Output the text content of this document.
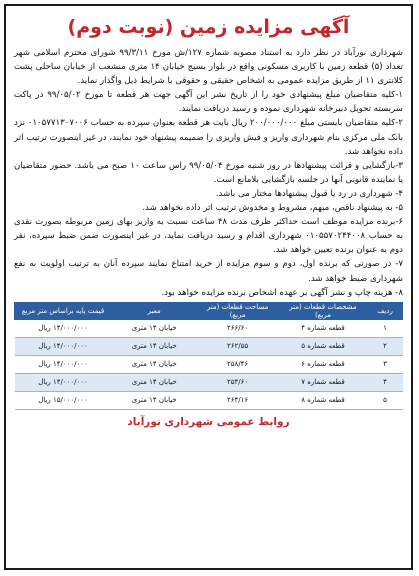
آگهی مزایده زمین (نوبت دوم)

شهرداری نورآباد در نظر دارد به استناد مصوبه شماره ۱۲۷/ش مورخ ۹۹/۳/۱۱ شورای محترم اسلامی شهر تعداد (۵) قطعه زمین با کاربری مسکونی واقع در بلوار بسیج خیابان ۱۴ متری منشعب از خیابان ساحلی پشت کلانتری ۱۱ از طریق مزایده عمومی به اشخاص حقیقی و حقوقی با شرایط ذیل واگذار نماید.

۱-کلیه متقاضیان مبلغ پیشنهادی خود را از تاریخ نشر این آگهی جهت هر قطعه تا مورخ ۹۹/۰۵/۰۲ در پاکت سربسته تحویل دبیرخانه شهرداری نموده و رسید دریافت نمایند.

۲-کلیه متقاضیان بایستی مبلغ ۲۰۰/۰۰۰/۰۰۰ ریال بابت هر قطعه بعنوان سپرده به حساب ۰۱۰۵۷۷۱۳۰۷۰۰۶ نزد بانک ملی مرکزی بنام شهرداری واریز و فیش واریزی را ضمیمه پیشنهاد خود نمایند، در غیر اینصورت ترتیب اثر داده نخواهد شد.

۳-بازگشایی و قرائت پیشنهادها در روز شنبه مورخ ۹۹/۰۵/۰۴ راس ساعت ۱۰ صبح می باشد. حضور متقاضیان یا نماینده قانونی آنها در جلسه بازگشایی بلامانع است.

۴- شهرداری در رد یا قبول پیشنهادها مختار می باشد.

۵- به پیشنهاد ناقص، مبهم، مشروط و مخدوش ترتیب اثر داده نخواهد شد.

۶-برنده مزایده موظف است حداکثر ظرف مدت ۴۸ ساعت نسبت به واریز بهای زمین مربوطه بصورت نقدی به حساب ۰۱۰۵۵۷۰۲۴۴۰۰۸ شهرداری اقدام و رسید دریافت نماید، در غیر اینصورت ضمن ضبط سپرده، نفر دوم به عنوان برنده تعیین خواهد شد.

۷- در صورتی که برنده اول، دوم و سوم مزایده از خرید امتناع نمایند سپرده آنان به ترتیب اولویت به نفع شهرداری ضبط خواهد شد.

۸- هزینه چاپ و نشر آگهی بر عهده اشخاص برنده مزایده خواهد بود.

ردیف	مشخصات قطعات (متر مربع)	مساحت قطعات (متر مربع)	معبر	قیمت پایه براساس متر مربع
۱	قطعه شماره ۴	۲۶۶/۶۰	خیابان ۱۴ متری	۱۴/۰۰۰/۰۰۰ ریال
۲	قطعه شماره ۵	۲۶۲/۵۵	خیابان ۱۴ متری	۱۴/۰۰۰/۰۰۰ ریال
۳	قطعه شماره ۶	۲۵۸/۴۶	خیابان ۱۴ متری	۱۴/۰۰۰/۰۰۰ ریال
۴	قطعه شماره ۷	۲۵۴/۶۰	خیابان ۱۴ متری	۱۴/۰۰۰/۰۰۰ ریال
۵	قطعه شماره ۸	۲۶۴/۱۶	خیابان ۱۴ متری	۱۵/۰۰۰/۰۰۰ ریال
روابط عمومی شهرداری نورآباد
